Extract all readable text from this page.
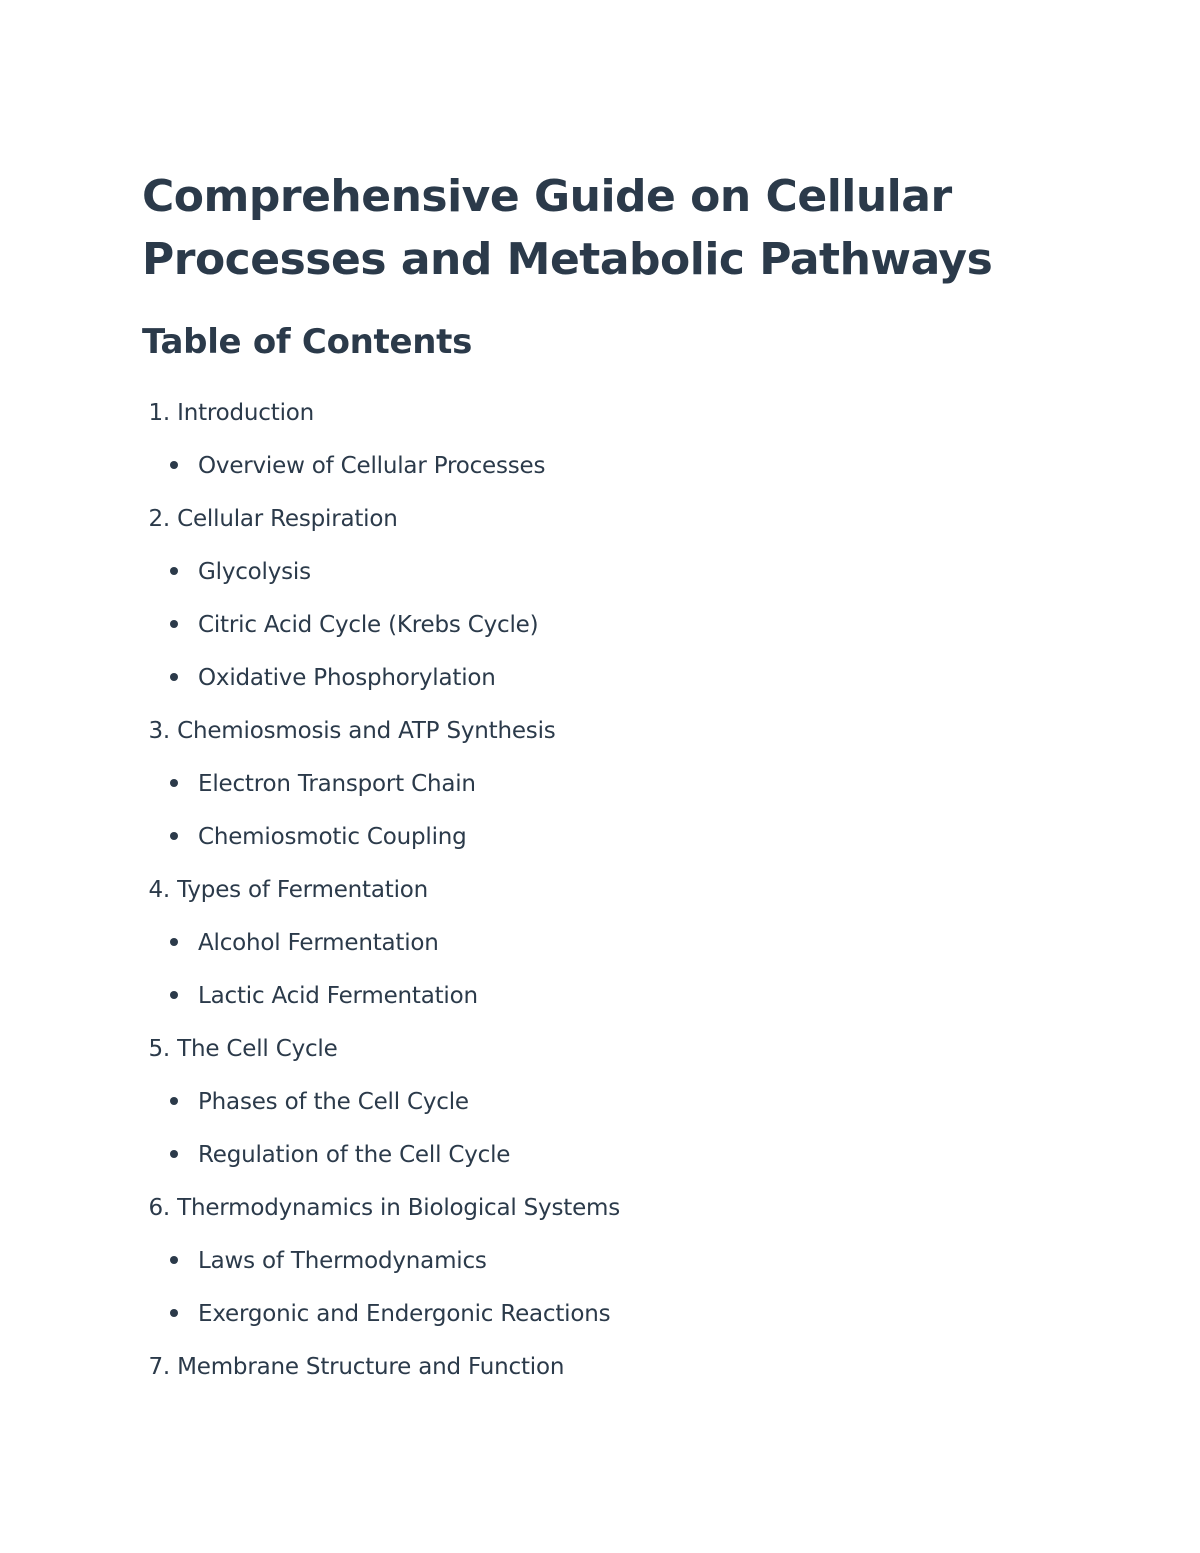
Comprehensive Guide on Cellular Processes and Metabolic Pathways
Table of Contents
1. Introduction
Overview of Cellular Processes
2. Cellular Respiration
Glycolysis
Citric Acid Cycle (Krebs Cycle)
Oxidative Phosphorylation
3. Chemiosmosis and ATP Synthesis
Electron Transport Chain
Chemiosmotic Coupling
4. Types of Fermentation
Alcohol Fermentation
Lactic Acid Fermentation
5. The Cell Cycle
Phases of the Cell Cycle
Regulation of the Cell Cycle
6. Thermodynamics in Biological Systems
Laws of Thermodynamics
Exergonic and Endergonic Reactions
7. Membrane Structure and Function
